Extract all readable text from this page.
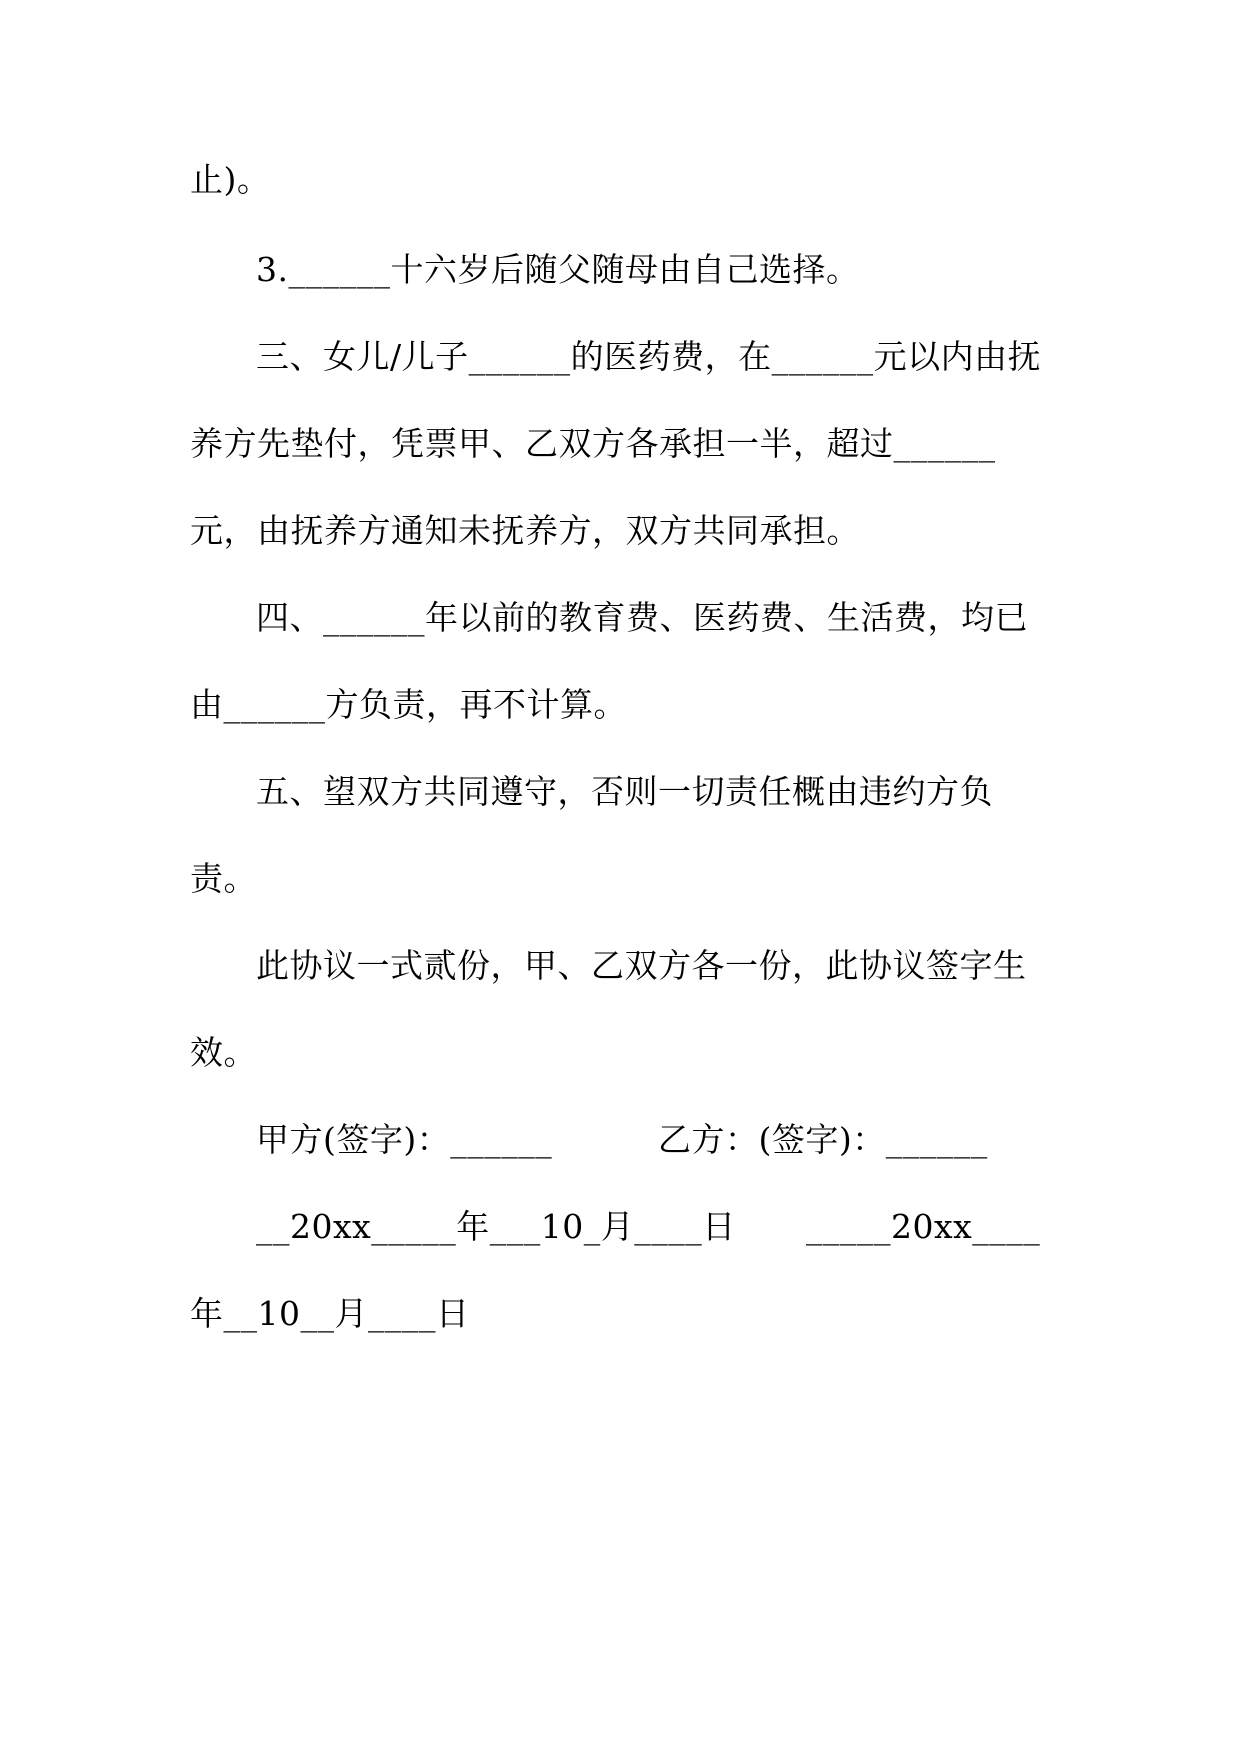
止)。
3.______十六岁后随父随母由自己选择。
三、女儿/儿子______的医药费，在______元以内由抚
养方先垫付，凭票甲、乙双方各承担一半，超过______
元，由抚养方通知未抚养方，双方共同承担。
四、______年以前的教育费、医药费、生活费，均已
由______方负责，再不计算。
五、望双方共同遵守，否则一切责任概由违约方负
责。
此协议一式贰份，甲、乙双方各一份，此协议签字生
效。
甲方(签字)：______	乙方：(签字)：______
__20xx_____年___10_月____日 _____20xx____
年__10__月____日
